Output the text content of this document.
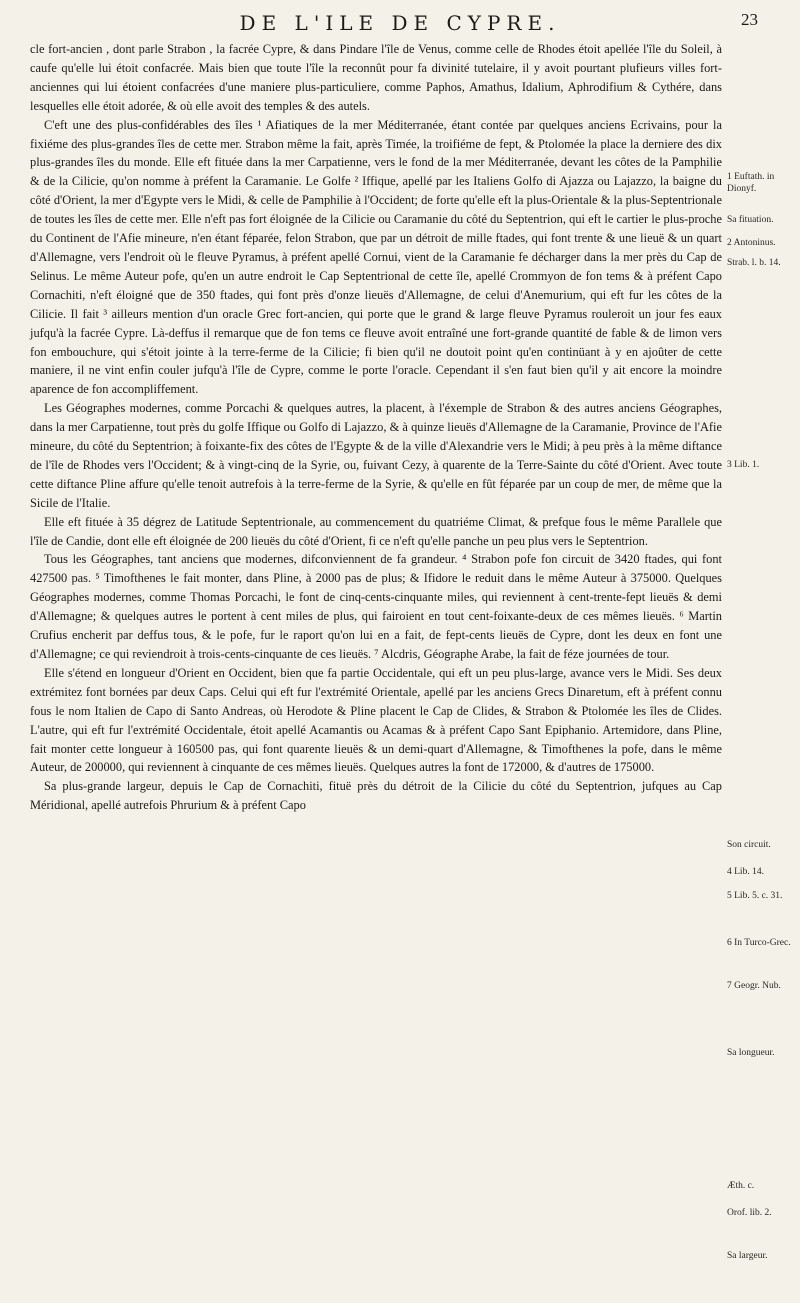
DE L'ILE DE CYPRE.	23

cle fort-ancien , dont parle Strabon , la facrée Cypre, & dans Pindare l'île de Venus, comme celle de Rhodes étoit apellée l'île du Soleil, à caufe qu'elle lui étoit confacrée. Mais bien que toute l'île la reconnût pour fa divinité tutelaire, il y avoit pourtant plufieurs villes fort-anciennes qui lui étoient confacrées d'une maniere plus-particuliere, comme Paphos, Amathus, Idalium, Aphrodifium & Cythére, dans lesquelles elle étoit adorée, & où elle avoit des temples & des autels.

C'eft une des plus-confidérables des îles ¹ Afiatiques de la mer Méditerranée, étant contée par quelques anciens Ecrivains, pour la fixiéme des plus-grandes îles de cette mer. Strabon même la fait, après Timée, la troifiéme de fept, & Ptolomée la place la derniere des dix plus-grandes îles du monde. Elle eft fituée dans la mer Carpatienne, vers le fond de la mer Méditerranée, devant les côtes de la Pamphilie & de la Cilicie, qu'on nomme à préfent la Caramanie. Le Golfe ² Iffique, apellé par les Italiens Golfo di Ajazza ou Lajazzo, la baigne du côté d'Orient, la mer d'Egypte vers le Midi, & celle de Pamphilie à l'Occident; de forte qu'elle eft la plus-Orientale & la plus-Septentrionale de toutes les îles de cette mer. Elle n'eft pas fort éloignée de la Cilicie ou Caramanie du côté du Septentrion, qui eft le cartier le plus-proche du Continent de l'Afie mineure, n'en étant féparée, felon Strabon, que par un détroit de mille ftades, qui font trente & une lieuë & un quart d'Allemagne, vers l'endroit où le fleuve Pyramus, à préfent apellé Cornui, vient de la Caramanie fe décharger dans la mer près du Cap de Selinus. Le même Auteur pofe, qu'en un autre endroit le Cap Septentrional de cette île, apellé Crommyon de fon tems & à préfent Capo Cornachiti, n'eft éloigné que de 350 ftades, qui font près d'onze lieuës d'Allemagne, de celui d'Anemurium, qui eft fur les côtes de la Cilicie. Il fait ³ ailleurs mention d'un oracle Grec fort-ancien, qui porte que le grand & large fleuve Pyramus rouleroit un jour fes eaux jufqu'à la facrée Cypre. Là-deffus il remarque que de fon tems ce fleuve avoit entraîné une fort-grande quantité de fable & de limon vers fon embouchure, qui s'étoit jointe à la terre-ferme de la Cilicie; fi bien qu'il ne doutoit point qu'en continüant à y en ajoûter de cette maniere, il ne vint enfin couler jufqu'à l'île de Cypre, comme le porte l'oracle. Cependant il s'en faut bien qu'il y ait encore la moindre aparence de fon accompliffement.

Les Géographes modernes, comme Porcachi & quelques autres, la placent, à l'éxemple de Strabon & des autres anciens Géographes, dans la mer Carpatienne, tout près du golfe Iffique ou Golfo di Lajazzo, & à quinze lieuës d'Allemagne de la Caramanie, Province de l'Afie mineure, du côté du Septentrion; à foixante-fix des côtes de l'Egypte & de la ville d'Alexandrie vers le Midi; à peu près à la même diftance de l'île de Rhodes vers l'Occident; & à vingt-cinq de la Syrie, ou, fuivant Cezy, à quarente de la Terre-Sainte du côté d'Orient. Avec toute cette diftance Pline affure qu'elle tenoit autrefois à la terre-ferme de la Syrie, & qu'elle en fût féparée par un coup de mer, de même que la Sicile de l'Italie.

Elle eft fituée à 35 dégrez de Latitude Septentrionale, au commencement du quatriéme Climat, & prefque fous le même Parallele que l'île de Candie, dont elle eft éloignée de 200 lieuës du côté d'Orient, fi ce n'eft qu'elle panche un peu plus vers le Septentrion.

Tous les Géographes, tant anciens que modernes, difconviennent de fa grandeur. ⁴ Strabon pofe fon circuit de 3420 ftades, qui font 427500 pas. ⁵ Timofthenes le fait monter, dans Pline, à 2000 pas de plus; & Ifidore le reduit dans le même Auteur à 375000. Quelques Géographes modernes, comme Thomas Porcachi, le font de cinq-cents-cinquante miles, qui reviennent à cent-trente-fept lieuës & demi d'Allemagne; & quelques autres le portent à cent miles de plus, qui fairoient en tout cent-foixante-deux de ces mêmes lieuës. ⁶ Martin Crufius encherit par deffus tous, & le pofe, fur le raport qu'on lui en a fait, de fept-cents lieuës de Cypre, dont les deux en font une d'Allemagne; ce qui reviendroit à trois-cents-cinquante de ces lieuës. ⁷ Alcdris, Géographe Arabe, la fait de féze journées de tour.

Elle s'étend en longueur d'Orient en Occident, bien que fa partie Occidentale, qui eft un peu plus-large, avance vers le Midi. Ses deux extrémitez font bornées par deux Caps. Celui qui eft fur l'extrémité Orientale, apellé par les anciens Grecs Dinaretum, eft à préfent connu fous le nom Italien de Capo di Santo Andreas, où Herodote & Pline placent le Cap de Clides, & Strabon & Ptolomée les îles de Clides. L'autre, qui eft fur l'extrémité Occidentale, étoit apellé Acamantis ou Acamas & à préfent Capo Sant Epiphanio. Artemidore, dans Pline, fait monter cette longueur à 160500 pas, qui font quarente lieuës & un demi-quart d'Allemagne, & Timofthenes la pofe, dans le même Auteur, de 200000, qui reviennent à cinquante de ces mêmes lieuës. Quelques autres la font de 172000, & d'autres de 175000.

Sa plus-grande largeur, depuis le Cap de Cornachiti, fituë près du détroit de la Cilicie du côté du Septentrion, jufques au Cap Méridional, apellé autrefois Phrurium & à préfent Capo

1 Euftath. in Dionyf.
Sa fituation.
2 Antoninus.
Strab. l. b. 14.
3 Lib. 1.
Son circuit.
4 Lib. 14.
5 Lib. 5. c. 31.
6 In Turco-Grec.
7 Geogr. Nub.
Sa longueur.
Æth. c.
Orof. lib. 2.
Sa largeur.
